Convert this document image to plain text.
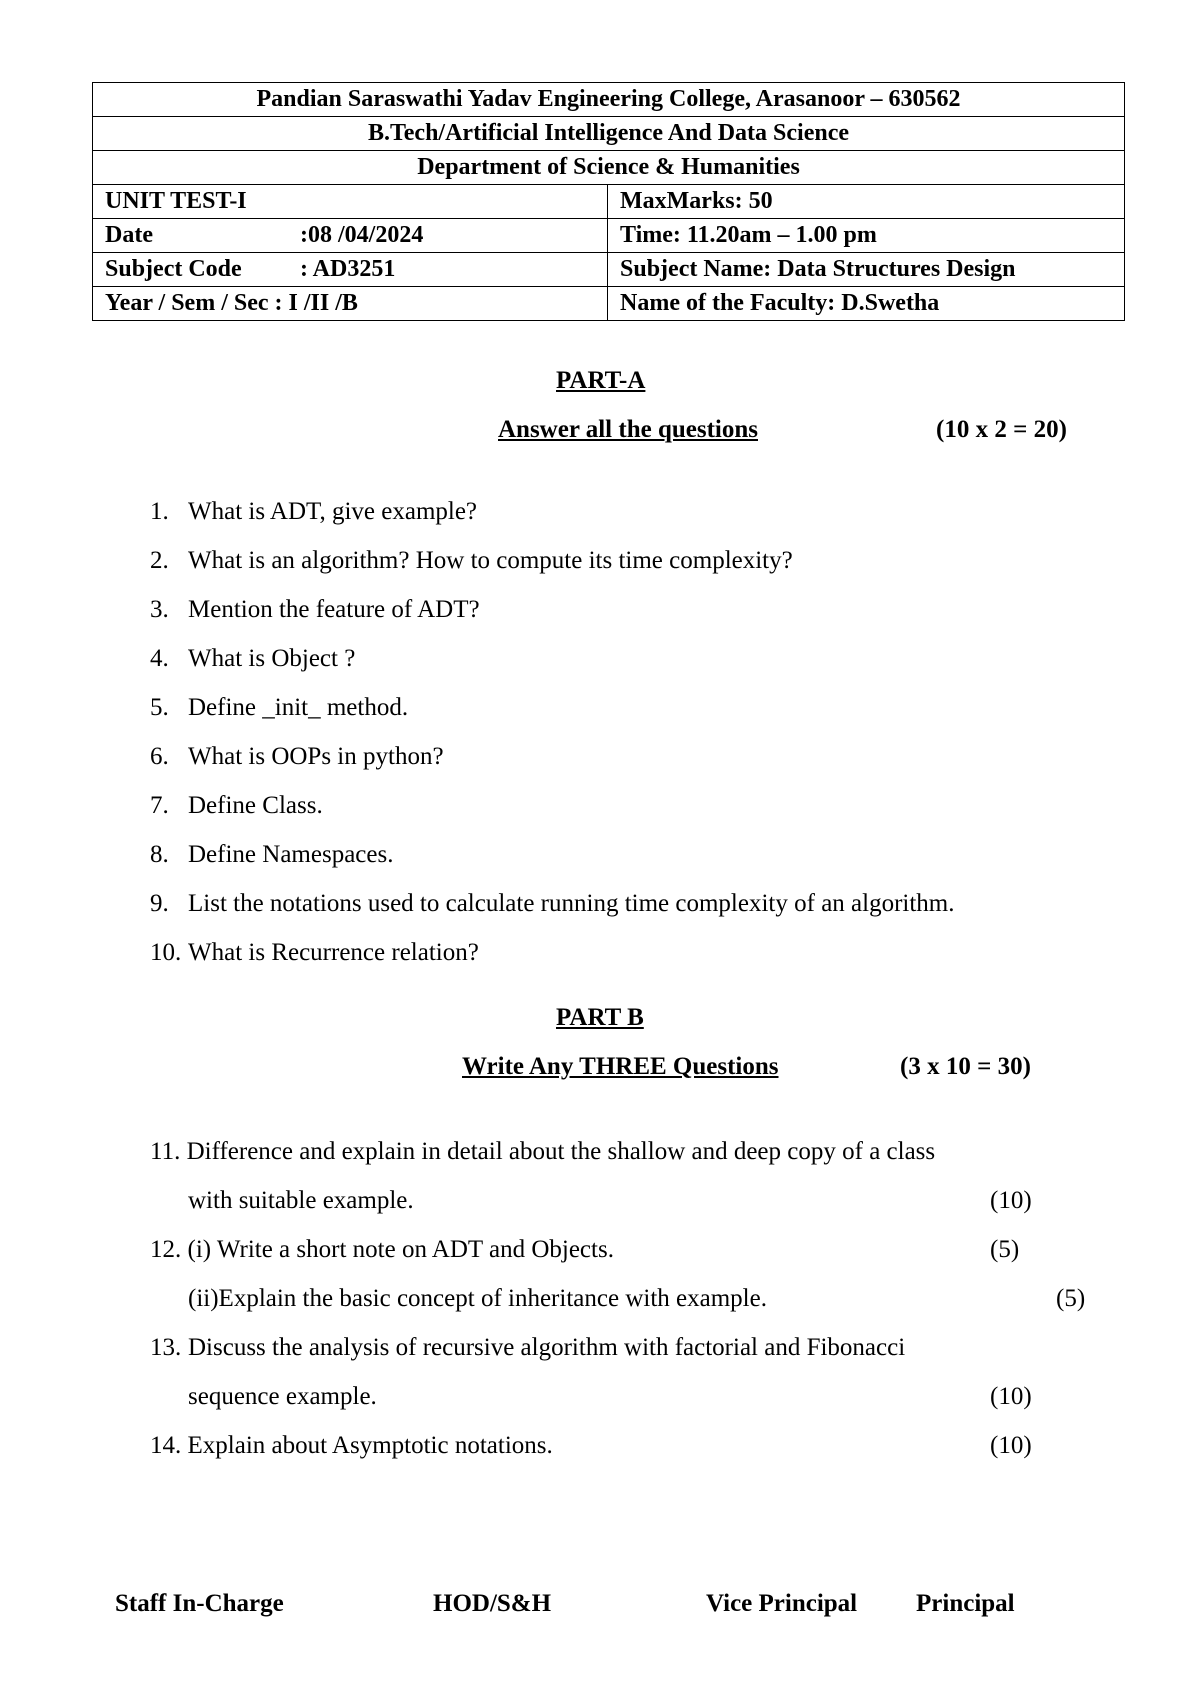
Pandian Saraswathi Yadav Engineering College, Arasanoor – 630562	
B.Tech/Artificial Intelligence And Data Science	
Department of Science & Humanities	
UNIT TEST-I	MaxMarks: 50
Date :08 /04/2024	Time: 11.20am – 1.00 pm
Subject Code : AD3251	Subject Name: Data Structures Design
Year / Sem / Sec : I /II /B	Name of the Faculty: D.Swetha
PART-A
Answer all the questions	(10 x 2 = 20)
1. What is ADT, give example?
2. What is an algorithm? How to compute its time complexity?
3. Mention the feature of ADT?
4. What is Object ?
5. Define _init_ method.
6. What is OOPs in python?
7. Define Class.
8. Define Namespaces.
9. List the notations used to calculate running time complexity of an algorithm.
10. What is Recurrence relation?
PART B
Write Any THREE Questions	(3 x 10 = 30)
11. Difference and explain in detail about the shallow and deep copy of a class
with suitable example.	(10)
12. (i) Write a short note on ADT and Objects.	(5)
(ii)Explain the basic concept of inheritance with example.	(5)
13. Discuss the analysis of recursive algorithm with factorial and Fibonacci
sequence example.	(10)
14. Explain about Asymptotic notations.	(10)
Staff In-Charge	HOD/S&H	Vice Principal Principal
